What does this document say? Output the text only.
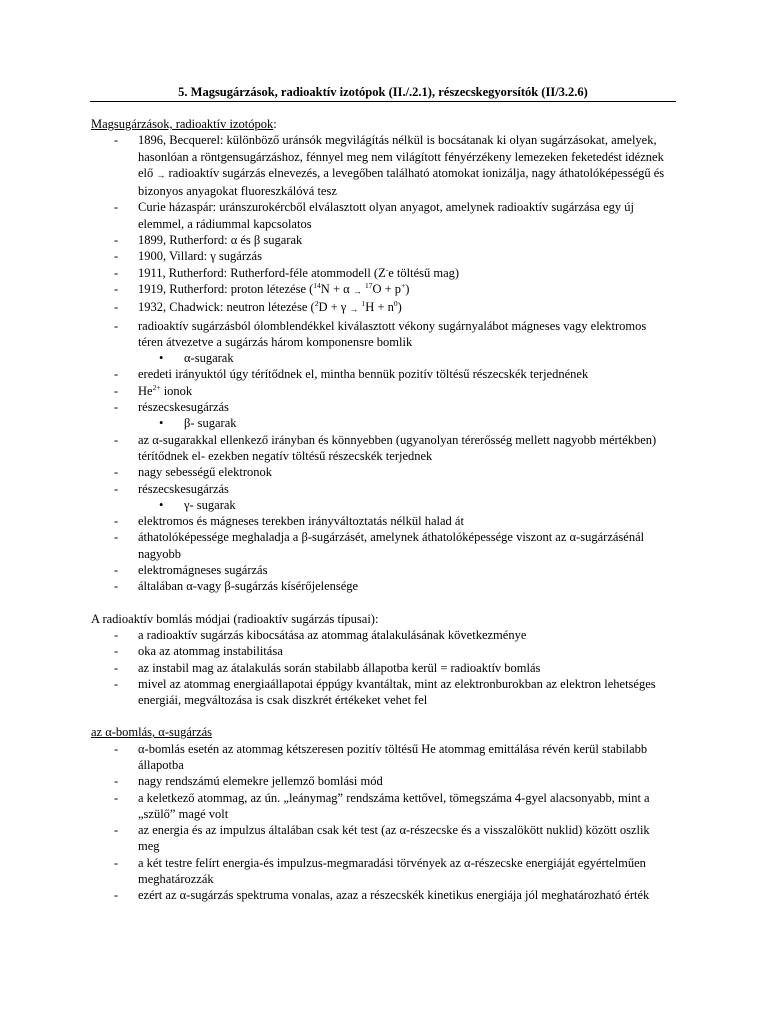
5. Magsugárzások, radioaktív izotópok (II./.2.1), részecskegyorsítók (II/3.2.6)
Magsugárzások, radioaktív izotópok:
- 1896, Becquerel: különböző uránsók megvilágítás nélkül is bocsátanak ki olyan sugárzásokat, amelyek, hasonlóan a röntgensugárzáshoz, fénnyel meg nem világított fényérzékeny lemezeken feketedést idéznek elő → radioaktív sugárzás elnevezés, a levegőben található atomokat ionizálja, nagy áthatolóképességű és bizonyos anyagokat fluoreszkálóvá tesz
- Curie házaspár: uránszurokércből elválasztott olyan anyagot, amelynek radioaktív sugárzása egy új elemmel, a rádiummal kapcsolatos
- 1899, Rutherford: α és β sugarak
- 1900, Villard: γ sugárzás
- 1911, Rutherford: Rutherford-féle atommodell (Z-e töltésű mag)
- 1919, Rutherford: proton létezése ($^{14}$N + α → $^{17}$O + p+)
- 1932, Chadwick: neutron létezése $(^2D + \gamma \to ^1H + n^0)$
- radioaktív sugárzásból ólomblendékkel kiválasztott vékony sugárnyalábot mágneses vagy elektromos téren átvezetve a sugárzás három komponensre bomlik
• α-sugarak
- eredeti irányuktól úgy térítődnek el, mintha bennük pozitív töltésű részecskék terjednének
- $He^{2+}$ ionok
- részecskesugárzás
• β- sugarak
- az α-sugarakkal ellenkező irányban és könnyebben (ugyanolyan térerősség mellett nagyobb mértékben) térítődnek el- ezekben negatív töltésű részecskék terjednek
- nagy sebességű elektronok
- részecskesugárzás
• γ- sugarak
- elektromos és mágneses terekben irányváltoztatás nélkül halad át
- áthatolóképessége meghaladja a β-sugárzásét, amelynek áthatolóképessége viszont az α-sugárzásénál nagyobb
- elektromágneses sugárzás
- általában α-vagy β-sugárzás kísérőjelensége
A radioaktív bomlás módjai (radioaktív sugárzás típusai):
- a radioaktív sugárzás kibocsátása az atommag átalakulásának következménye
- oka az atommag instabilitása
- az instabil mag az átalakulás során stabilabb állapotba kerül = radioaktív bomlás
- mivel az atommag energiaállapotai éppúgy kvantáltak, mint az elektronburokban az elektron lehetséges energiái, megváltozása is csak diszkrét értékeket vehet fel
az α-bomlás, α-sugárzás
- α-bomlás esetén az atommag kétszeresen pozitív töltésű He atommag emittálása révén kerül stabilabb állapotba
- nagy rendszámú elemekre jellemző bomlási mód
- a keletkező atommag, az ún. „leánymag” rendszáma kettővel, tömegszáma 4-gyel alacsonyabb, mint a „szülő” magé volt
- az energia és az impulzus általában csak két test (az α-részecske és a visszalökött nuklid) között oszlik meg
- a két testre felírt energia-és impulzus-megmaradási törvények az α-részecske energiáját egyértelműen meghatározzák
- ezért az α-sugárzás spektruma vonalas, azaz a részecskék kinetikus energiája jól meghatározható érték
